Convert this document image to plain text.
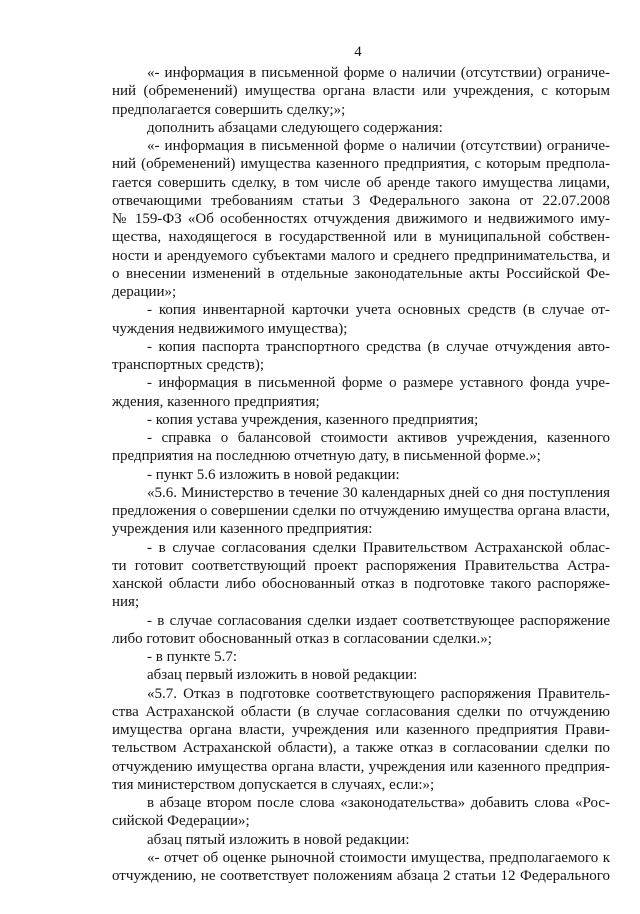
4
«- информация в письменной форме о наличии (отсутствии) ограниче-
ний (обременений) имущества органа власти или учреждения, с которым
предполагается совершить сделку;»;
дополнить абзацами следующего содержания:
«- информация в письменной форме о наличии (отсутствии) ограниче-
ний (обременений) имущества казенного предприятия, с которым предпола-
гается совершить сделку, в том числе об аренде такого имущества лицами,
отвечающими требованиям статьи 3 Федерального закона от 22.07.2008
№ 159-ФЗ «Об особенностях отчуждения движимого и недвижимого иму-
щества, находящегося в государственной или в муниципальной собствен-
ности и арендуемого субъектами малого и среднего предпринимательства, и
о внесении изменений в отдельные законодательные акты Российской Фе-
дерации»;
- копия инвентарной карточки учета основных средств (в случае от-
чуждения недвижимого имущества);
- копия паспорта транспортного средства (в случае отчуждения авто-
транспортных средств);
- информация в письменной форме о размере уставного фонда учре-
ждения, казенного предприятия;
- копия устава учреждения, казенного предприятия;
- справка о балансовой стоимости активов учреждения, казенного
предприятия на последнюю отчетную дату, в письменной форме.»;
- пункт 5.6 изложить в новой редакции:
«5.6. Министерство в течение 30 календарных дней со дня поступления
предложения о совершении сделки по отчуждению имущества органа власти,
учреждения или казенного предприятия:
- в случае согласования сделки Правительством Астраханской облас-
ти готовит соответствующий проект распоряжения Правительства Астра-
ханской области либо обоснованный отказ в подготовке такого распоряже-
ния;
- в случае согласования сделки издает соответствующее распоряжение
либо готовит обоснованный отказ в согласовании сделки.»;
- в пункте 5.7:
абзац первый изложить в новой редакции:
«5.7. Отказ в подготовке соответствующего распоряжения Правитель-
ства Астраханской области (в случае согласования сделки по отчуждению
имущества органа власти, учреждения или казенного предприятия Прави-
тельством Астраханской области), а также отказ в согласовании сделки по
отчуждению имущества органа власти, учреждения или казенного предприя-
тия министерством допускается в случаях, если:»;
в абзаце втором после слова «законодательства» добавить слова «Рос-
сийской Федерации»;
абзац пятый изложить в новой редакции:
«- отчет об оценке рыночной стоимости имущества, предполагаемого к
отчуждению, не соответствует положениям абзаца 2 статьи 12 Федерального
